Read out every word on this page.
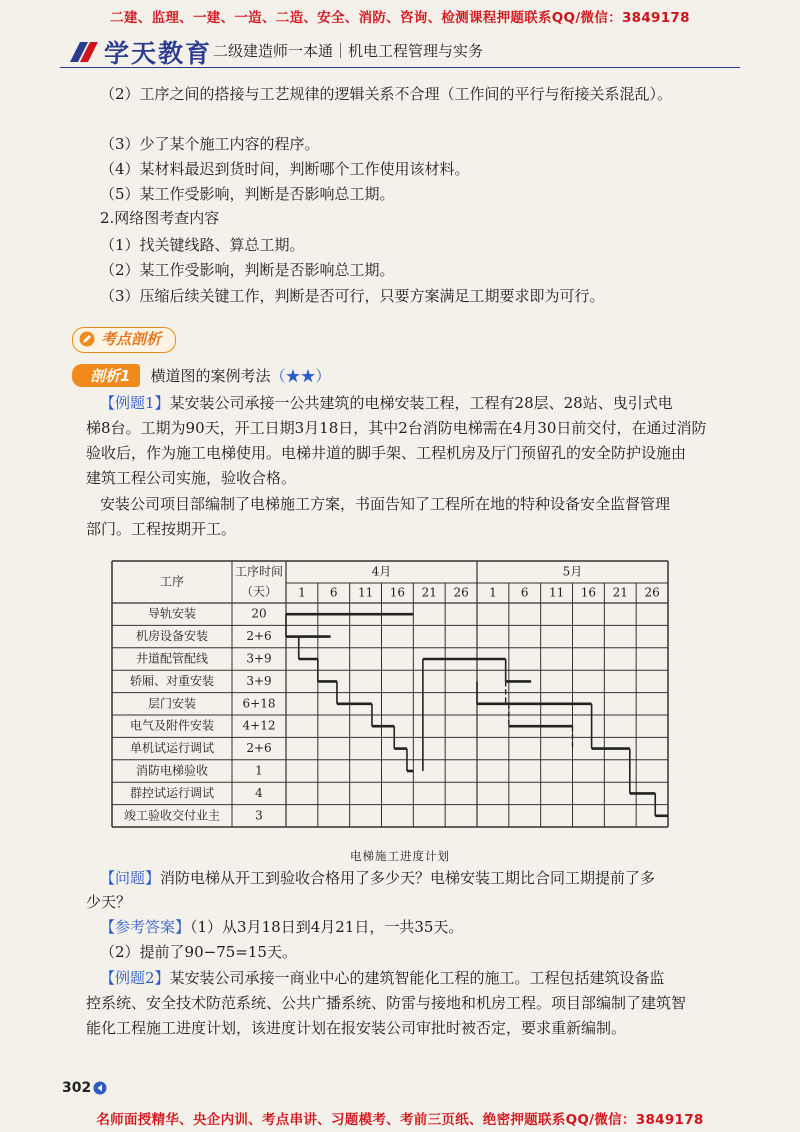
二建、监理、一建、一造、二造、安全、消防、咨询、检测课程押题联系QQ/微信：3849178
学天教育 二级建造师一本通｜机电工程管理与实务
（2）工序之间的搭接与工艺规律的逻辑关系不合理（工作间的平行与衔接关系混乱）。
（3）少了某个施工内容的程序。
（4）某材料最迟到货时间，判断哪个工作使用该材料。
（5）某工作受影响，判断是否影响总工期。
2.网络图考查内容
（1）找关键线路、算总工期。
（2）某工作受影响，判断是否影响总工期。
（3）压缩后续关键工作，判断是否可行，只要方案满足工期要求即为可行。
考点剖析
剖析1	横道图的案例考法（★★）
【例题1】某安装公司承接一公共建筑的电梯安装工程，工程有28层、28站、曳引式电
梯8台。工期为90天，开工日期3月18日，其中2台消防电梯需在4月30日前交付，在通过消防
验收后，作为施工电梯使用。电梯井道的脚手架、工程机房及厅门预留孔的安全防护设施由
建筑工程公司实施，验收合格。
安装公司项目部编制了电梯施工方案，书面告知了工程所在地的特种设备安全监督管理
部门。工程按期开工。
工序
工序时间
（天）
4月	5月
1 6 11 16 21 26 1 6 11 16 21 26
导轨安装	20
机房设备安装	2+6
井道配管配线	3+9
轿厢、对重安装	3+9
层门安装	6+18
电气及附件安装 4+12
单机试运行调试	2+6
消防电梯验收	1
群控试运行调试	4
竣工验收交付业主	3
电梯施工进度计划
【问题】消防电梯从开工到验收合格用了多少天？电梯安装工期比合同工期提前了多
少天？
【参考答案】（1）从3月18日到4月21日，一共35天。
（2）提前了90−75=15天。
【例题2】某安装公司承接一商业中心的建筑智能化工程的施工。工程包括建筑设备监
控系统、安全技术防范系统、公共广播系统、防雷与接地和机房工程。项目部编制了建筑智
能化工程施工进度计划，该进度计划在报安装公司审批时被否定，要求重新编制。
302
名师面授精华、央企内训、考点串讲、习题模考、考前三页纸、绝密押题联系QQ/微信：3849178
